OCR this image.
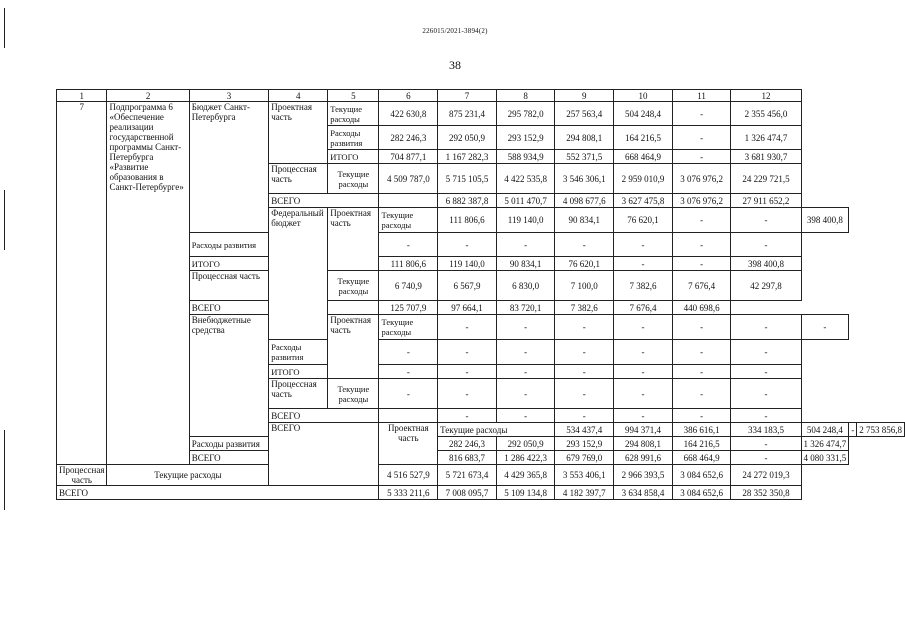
226015/2021-3894(2)
38
1	2	3	4	5	6	7	8	9	10	11	12			
7	Подпрограмма 6 «Обеспечение реализации государственной программы Санкт-Петербурга «Развитие образования в Санкт-Петербурге»	Бюджет Санкт-Петербурга	Проектная часть	Текущие расходы	422 630,8	875 231,4	295 782,0	257 563,4	504 248,4	-	2 355 456,0			
				Расходы развития	282 246,3	292 050,9	293 152,9	294 808,1	164 216,5	-	1 326 474,7			
				ИТОГО	704 877,1	1 167 282,3	588 934,9	552 371,5	668 464,9	-	3 681 930,7			
			Процессная часть	Текущие расходы	4 509 787,0	5 715 105,5	4 422 535,8	3 546 306,1	2 959 010,9	3 076 976,2	24 229 721,5			

			ВСЕГО			6 882 387,8	5 011 470,7	4 098 677,6	3 627 475,8	3 076 976,2	27 911 652,2			
			Федеральный бюджет	Проектная часть	Текущие расходы	111 806,6	119 140,0	90 834,1	76 620,1	-	-	398 400,8		
		Расходы развития			-	-	-	-	-	-	-			
		ИТОГО			111 806,6	119 140,0	90 834,1	76 620,1	-	-	398 400,8			
		Процессная часть		Текущие расходы	6 740,9	6 567,9	6 830,0	7 100,0	7 382,6	7 676,4	42 297,8			

		ВСЕГО			125 707,9	97 664,1	83 720,1	7 382,6	7 676,4	440 698,6				
		Внебюджетные средства		Проектная часть	Текущие расходы	-	-	-	-	-	-	-		
			Расходы развития		-	-	-	-	-	-	-			
			ИТОГО		-	-	-	-	-	-	-			
			Процессная часть	Текущие расходы	-	-	-	-	-	-	-			

			ВСЕГО			-	-	-	-	-	-			
			ВСЕГО		Проектная часть	Текущие расходы		534 437,4	994 371,4	386 616,1	334 183,5	504 248,4	-	2 753 856,8
		Расходы развития				282 246,3	292 050,9	293 152,9	294 808,1	164 216,5	-	1 326 474,7		
		ВСЕГО				816 683,7	1 286 422,3	679 769,0	628 991,6	668 464,9	-	4 080 331,5		
Процессная часть	Текущие расходы				4 516 527,9	5 721 673,4	4 429 365,8	3 553 406,1	2 966 393,5	3 084 652,6	24 272 019,3			
ВСЕГО					5 333 211,6	7 008 095,7	5 109 134,8	4 182 397,7	3 634 858,4	3 084 652,6	28 352 350,8			
